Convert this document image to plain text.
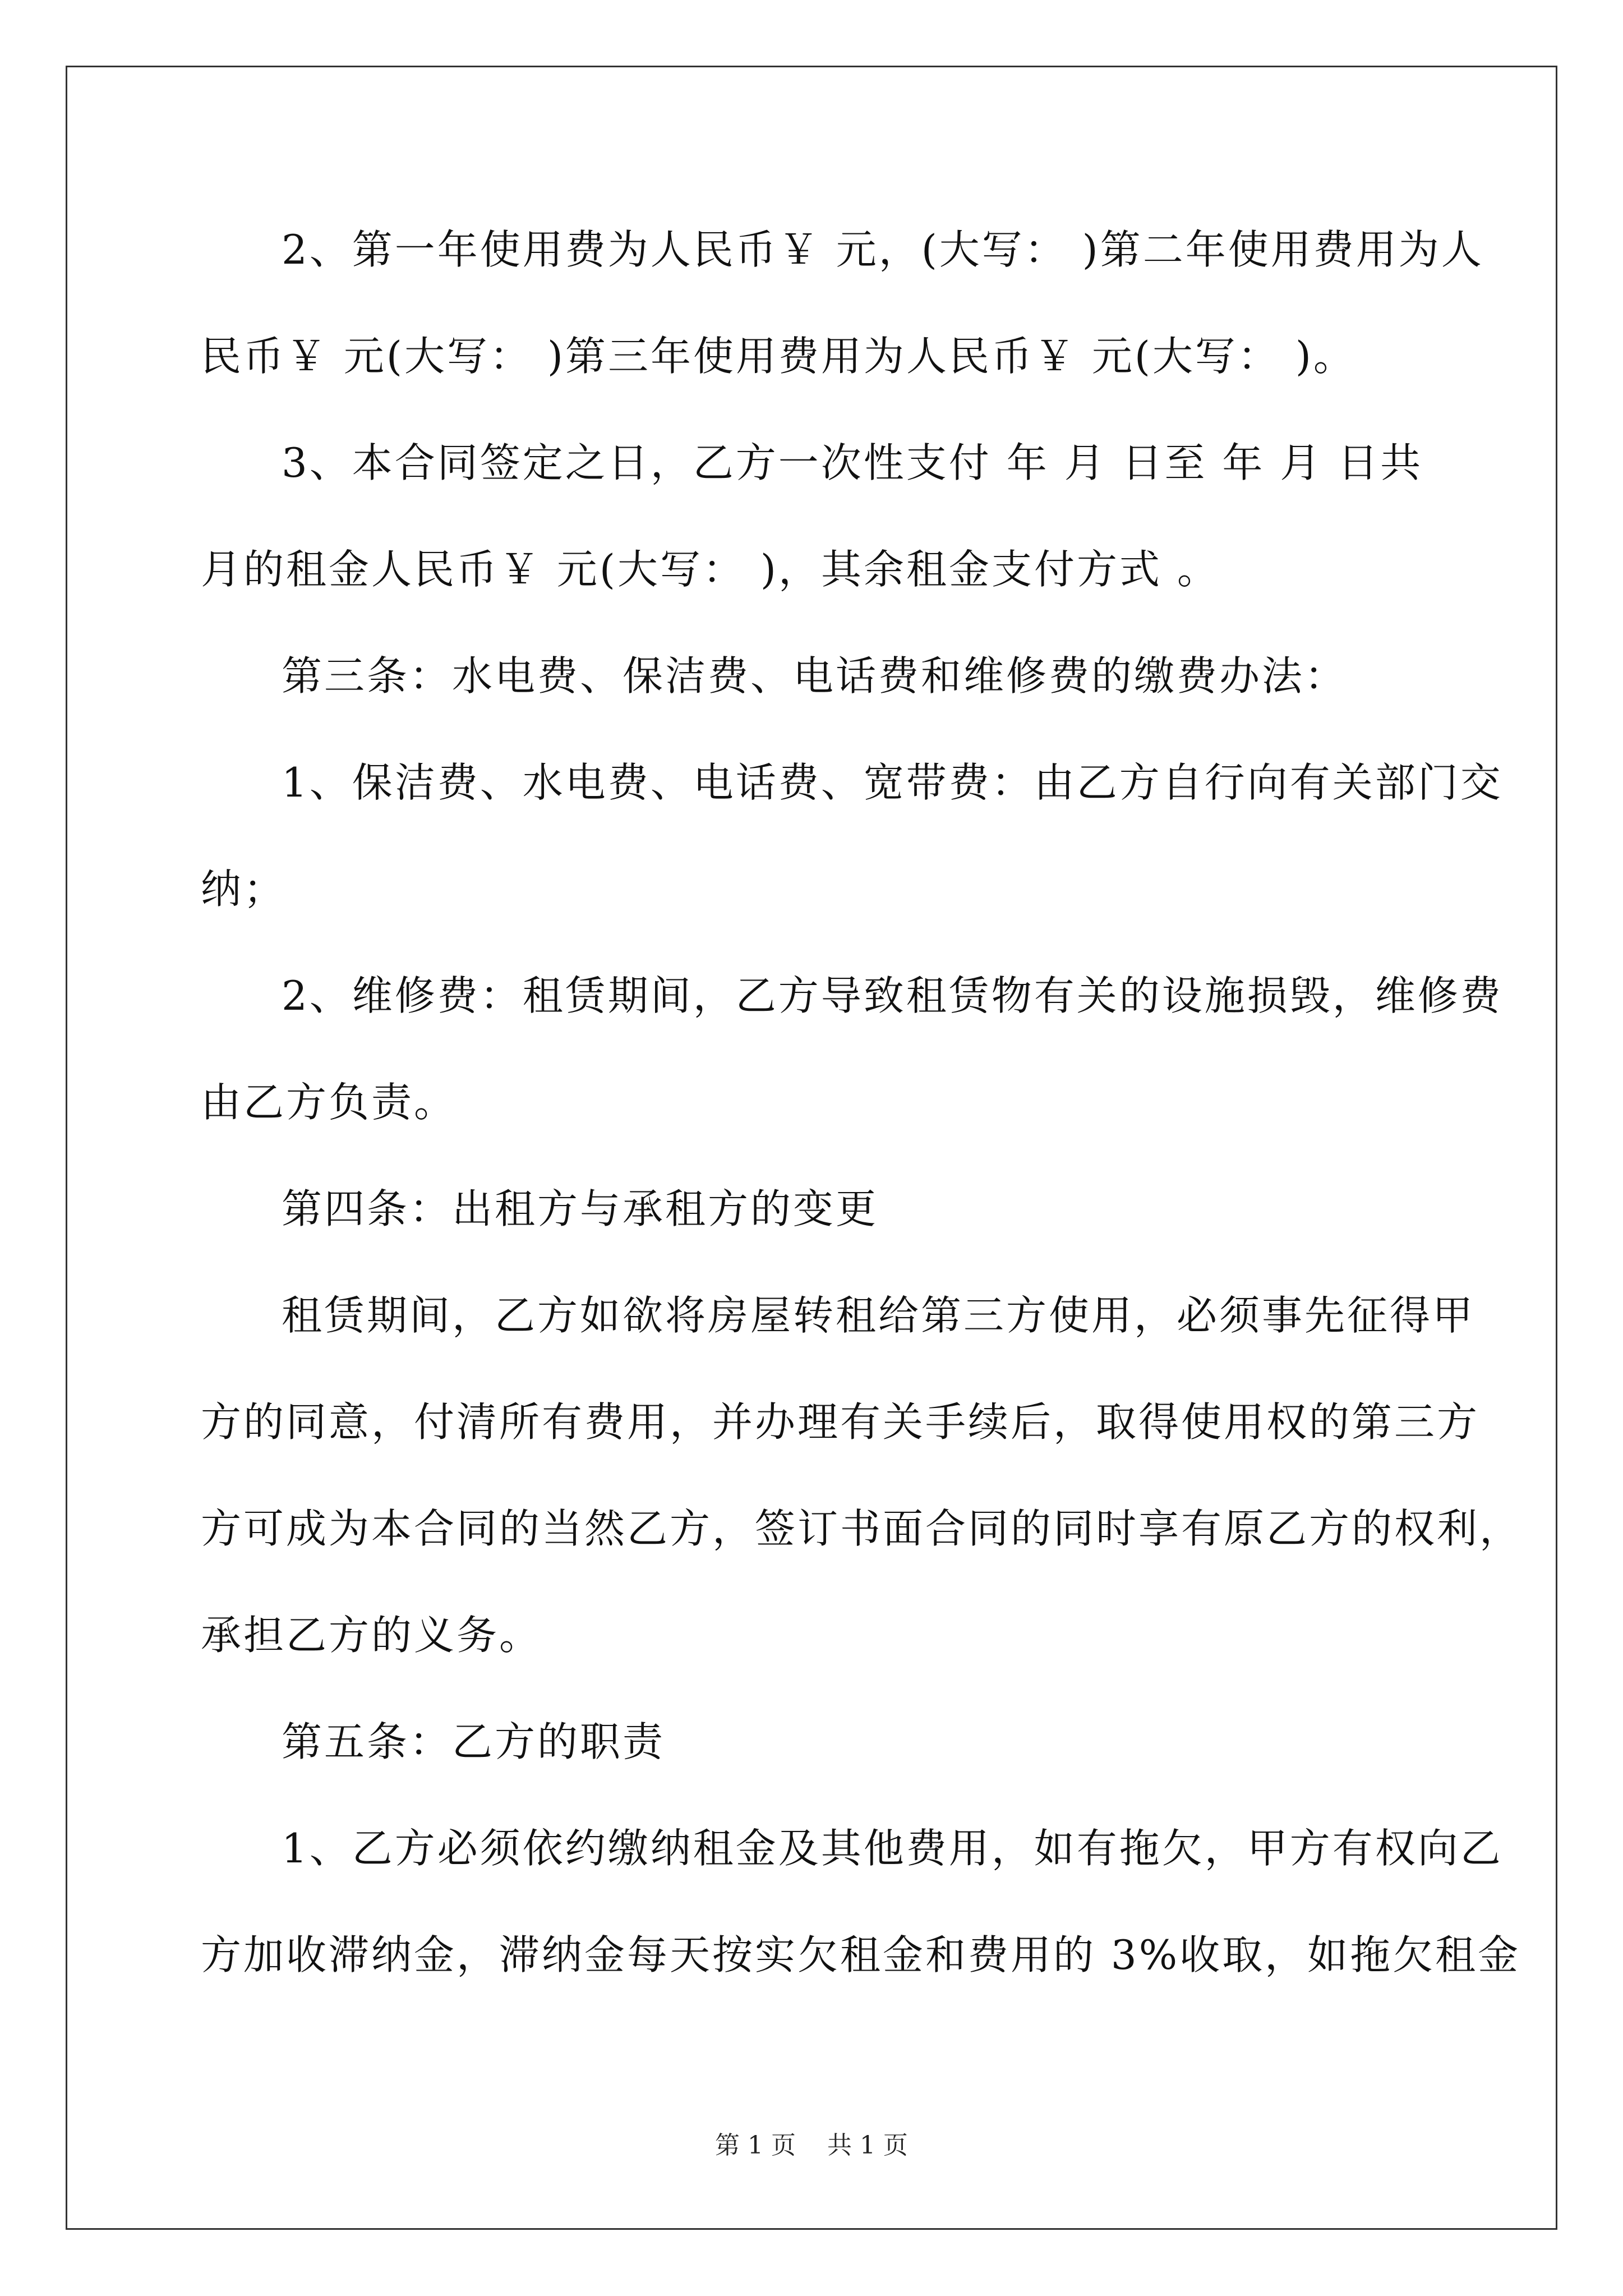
2、第一年使用费为人民币￥ 元，(大写： )第二年使用费用为人
民币￥ 元(大写： )第三年使用费用为人民币￥ 元(大写： )。
3、本合同签定之日，乙方一次性支付 年 月 日至 年 月 日共
月的租金人民币￥ 元(大写： )，其余租金支付方式 。
第三条：水电费、保洁费、电话费和维修费的缴费办法：
1、保洁费、水电费、电话费、宽带费：由乙方自行向有关部门交
纳；
2、维修费：租赁期间，乙方导致租赁物有关的设施损毁，维修费
由乙方负责。
第四条：出租方与承租方的变更
租赁期间，乙方如欲将房屋转租给第三方使用，必须事先征得甲
方的同意，付清所有费用，并办理有关手续后，取得使用权的第三方
方可成为本合同的当然乙方，签订书面合同的同时享有原乙方的权利，
承担乙方的义务。
第五条：乙方的职责
1、乙方必须依约缴纳租金及其他费用，如有拖欠，甲方有权向乙
方加收滞纳金，滞纳金每天按实欠租金和费用的 3%收取，如拖欠租金
第 1 页    共 1 页
